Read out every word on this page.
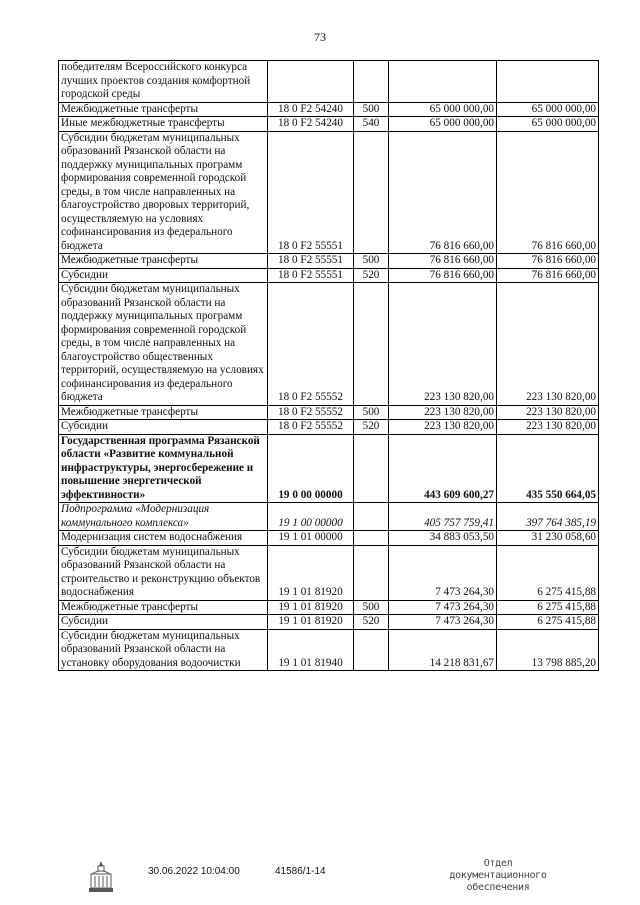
73
победителям Всероссийского конкурса лучших проектов создания комфортной городской среды				
Межбюджетные трансферты	18 0 F2 54240	500	65 000 000,00	65 000 000,00
Иные межбюджетные трансферты	18 0 F2 54240	540	65 000 000,00	65 000 000,00
Субсидии бюджетам муниципальных образований Рязанской области на поддержку муниципальных программ формирования современной городской среды, в том числе направленных на благоустройство дворовых территорий, осуществляемую на условиях софинансирования из федерального бюджета	18 0 F2 55551		76 816 660,00	76 816 660,00
Межбюджетные трансферты	18 0 F2 55551	500	76 816 660,00	76 816 660,00
Субсидии	18 0 F2 55551	520	76 816 660,00	76 816 660,00
Субсидии бюджетам муниципальных образований Рязанской области на поддержку муниципальных программ формирования современной городской среды, в том числе направленных на благоустройство общественных территорий, осуществляемую на условиях софинансирования из федерального бюджета	18 0 F2 55552		223 130 820,00	223 130 820,00
Межбюджетные трансферты	18 0 F2 55552	500	223 130 820,00	223 130 820,00
Субсидии	18 0 F2 55552	520	223 130 820,00	223 130 820,00
Государственная программа Рязанской области «Развитие коммунальной инфраструктуры, энергосбережение и повышение энергетической эффективности»	19 0 00 00000		443 609 600,27	435 550 664,05
Подпрограмма «Модернизация коммунального комплекса»	19 1 00 00000		405 757 759,41	397 764 385,19
Модернизация систем водоснабжения	19 1 01 00000		34 883 053,50	31 230 058,60
Субсидии бюджетам муниципальных образований Рязанской области на строительство и реконструкцию объектов водоснабжения	19 1 01 81920		7 473 264,30	6 275 415,88
Межбюджетные трансферты	19 1 01 81920	500	7 473 264,30	6 275 415,88
Субсидии	19 1 01 81920	520	7 473 264,30	6 275 415,88
Субсидии бюджетам муниципальных образований Рязанской области на установку оборудования водоочистки	19 1 01 81940		14 218 831,67	13 798 885,20
30.06.2022 10:04:00	41586/1-14
Отдел документационного
обеспечения
